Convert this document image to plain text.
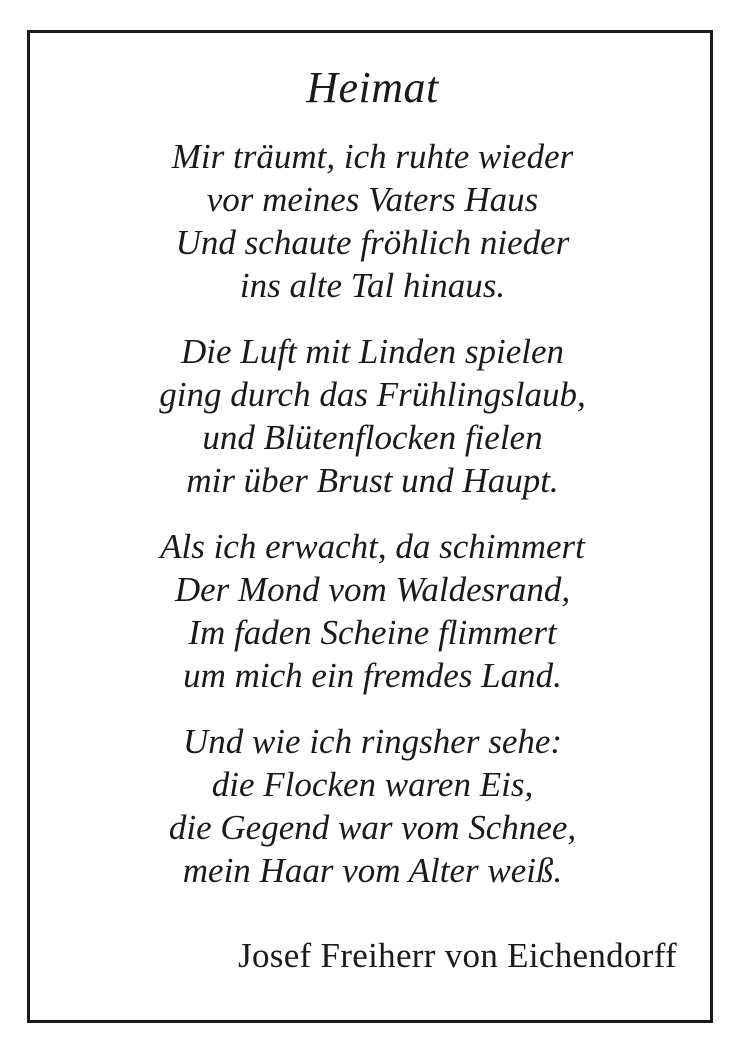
Heimat
Mir träumt, ich ruhte wieder
vor meines Vaters Haus
Und schaute fröhlich nieder
ins alte Tal hinaus.
Die Luft mit Linden spielen
ging durch das Frühlingslaub,
und Blütenflocken fielen
mir über Brust und Haupt.
Als ich erwacht, da schimmert
Der Mond vom Waldesrand,
Im faden Scheine flimmert
um mich ein fremdes Land.
Und wie ich ringsher sehe:
die Flocken waren Eis,
die Gegend war vom Schnee,
mein Haar vom Alter weiß.
Josef Freiherr von Eichendorff
